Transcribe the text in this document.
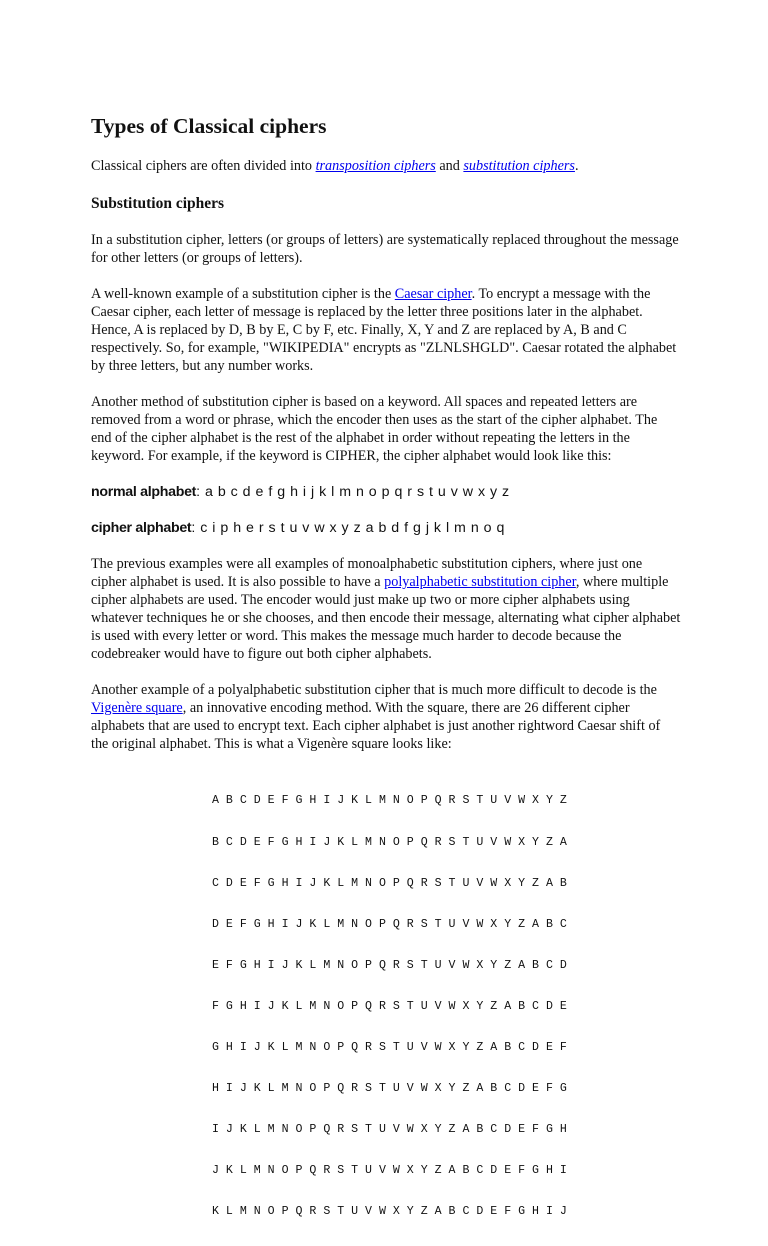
Types of Classical ciphers

Classical ciphers are often divided into transposition ciphers and substitution ciphers.

Substitution ciphers

In a substitution cipher, letters (or groups of letters) are systematically replaced throughout the message for other letters (or groups of letters).

A well-known example of a substitution cipher is the Caesar cipher. To encrypt a message with the Caesar cipher, each letter of message is replaced by the letter three positions later in the alphabet. Hence, A is replaced by D, B by E, C by F, etc. Finally, X, Y and Z are replaced by A, B and C respectively. So, for example, "WIKIPEDIA" encrypts as "ZLNLSHGLD". Caesar rotated the alphabet by three letters, but any number works.

Another method of substitution cipher is based on a keyword. All spaces and repeated letters are removed from a word or phrase, which the encoder then uses as the start of the cipher alphabet. The end of the cipher alphabet is the rest of the alphabet in order without repeating the letters in the keyword. For example, if the keyword is CIPHER, the cipher alphabet would look like this:

normal alphabet: a b c d e f g h i j k l m n o p q r s t u v w x y z

cipher alphabet: c i p h e r s t u v w x y z a b d f g j k l m n o q

The previous examples were all examples of monoalphabetic substitution ciphers, where just one cipher alphabet is used. It is also possible to have a polyalphabetic substitution cipher, where multiple cipher alphabets are used. The encoder would just make up two or more cipher alphabets using whatever techniques he or she chooses, and then encode their message, alternating what cipher alphabet is used with every letter or word. This makes the message much harder to decode because the codebreaker would have to figure out both cipher alphabets.

Another example of a polyalphabetic substitution cipher that is much more difficult to decode is the Vigenère square, an innovative encoding method. With the square, there are 26 different cipher alphabets that are used to encrypt text. Each cipher alphabet is just another rightword Caesar shift of the original alphabet. This is what a Vigenère square looks like:

A B C D E F G H I J K L M N O P Q R S T U V W X Y Z

B C D E F G H I J K L M N O P Q R S T U V W X Y Z A

C D E F G H I J K L M N O P Q R S T U V W X Y Z A B

D E F G H I J K L M N O P Q R S T U V W X Y Z A B C

E F G H I J K L M N O P Q R S T U V W X Y Z A B C D

F G H I J K L M N O P Q R S T U V W X Y Z A B C D E

G H I J K L M N O P Q R S T U V W X Y Z A B C D E F

H I J K L M N O P Q R S T U V W X Y Z A B C D E F G

I J K L M N O P Q R S T U V W X Y Z A B C D E F G H

J K L M N O P Q R S T U V W X Y Z A B C D E F G H I

K L M N O P Q R S T U V W X Y Z A B C D E F G H I J
